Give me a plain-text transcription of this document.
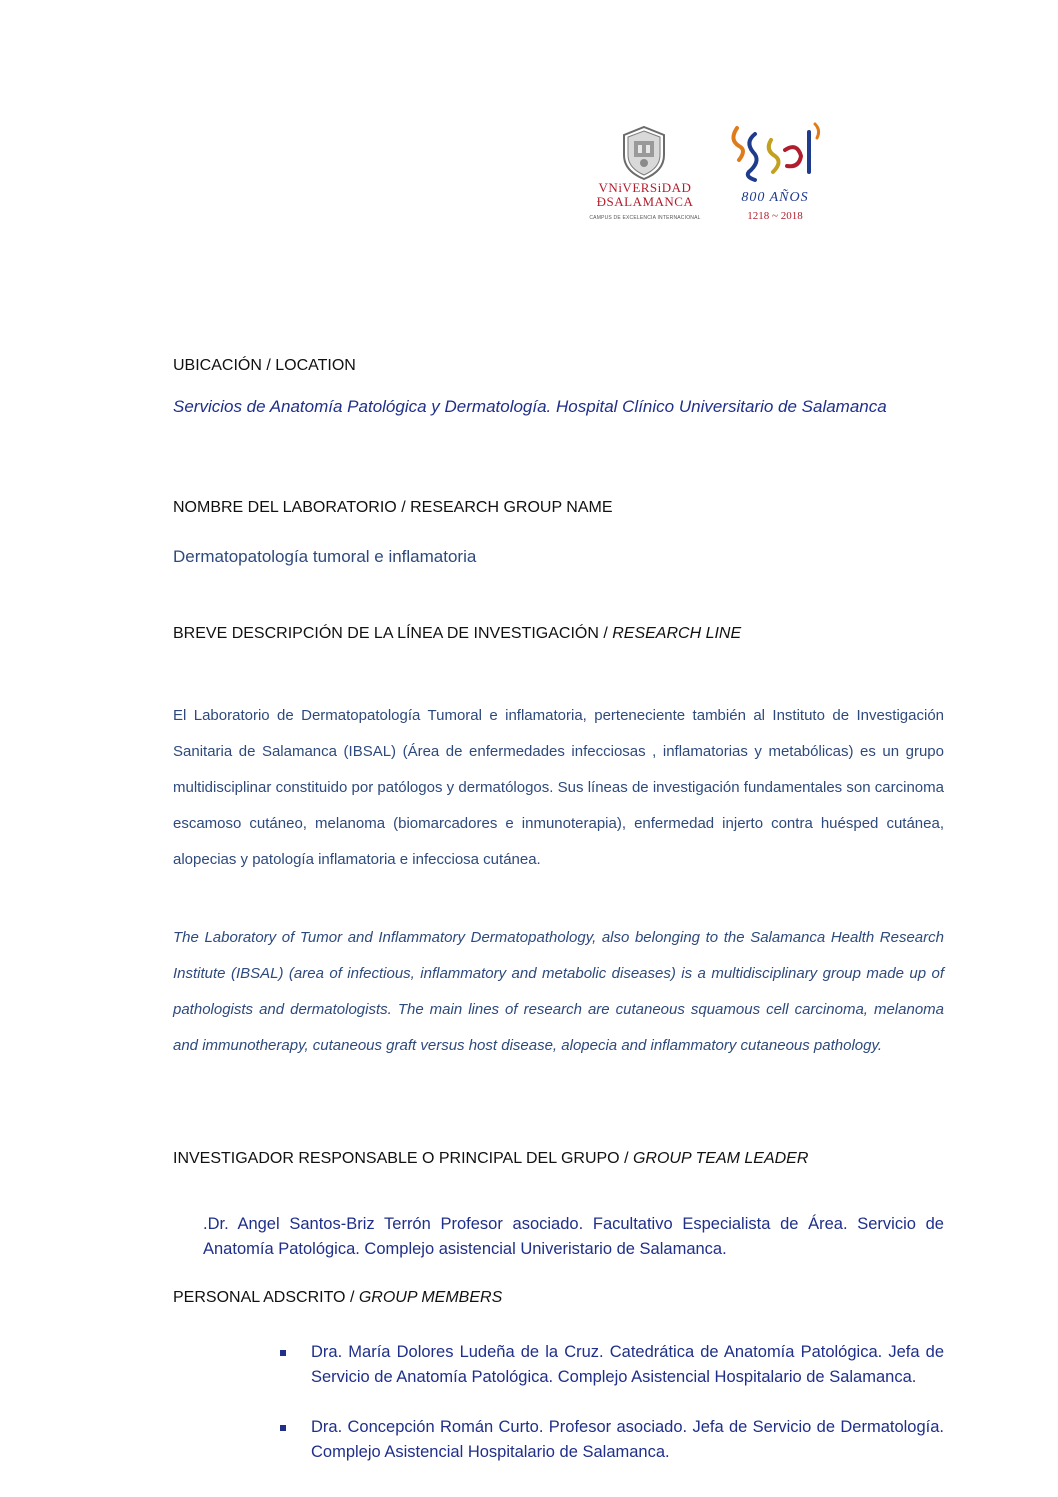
VNiVERSiDAD
ÐSALAMANCA
CAMPUS DE EXCELENCIA INTERNACIONAL
800 AÑOS
1218 ~ 2018
UBICACIÓN / LOCATION
Servicios de Anatomía Patológica y Dermatología. Hospital Clínico Universitario de Salamanca
NOMBRE DEL LABORATORIO / RESEARCH GROUP NAME
Dermatopatología tumoral e inflamatoria
BREVE DESCRIPCIÓN DE LA LÍNEA DE INVESTIGACIÓN / RESEARCH LINE
El Laboratorio de Dermatopatología Tumoral e inflamatoria, perteneciente también al Instituto de Investigación Sanitaria de Salamanca (IBSAL) (Área de enfermedades infecciosas , inflamatorias y metabólicas) es un grupo multidisciplinar constituido por patólogos y dermatólogos. Sus líneas de investigación fundamentales son carcinoma escamoso cutáneo, melanoma (biomarcadores e inmunoterapia), enfermedad injerto contra huésped cutánea, alopecias y patología inflamatoria e infecciosa cutánea.
The Laboratory of Tumor and Inflammatory Dermatopathology, also belonging to the Salamanca Health Research Institute (IBSAL) (area of infectious, inflammatory and metabolic diseases) is a multidisciplinary group made up of pathologists and dermatologists. The main lines of research are cutaneous squamous cell carcinoma, melanoma and immunotherapy, cutaneous graft versus host disease, alopecia and inflammatory cutaneous pathology.
INVESTIGADOR RESPONSABLE O PRINCIPAL DEL GRUPO / GROUP TEAM LEADER
.Dr. Angel Santos-Briz Terrón Profesor asociado. Facultativo Especialista de Área. Servicio de Anatomía Patológica. Complejo asistencial Univeristario de Salamanca.
PERSONAL ADSCRITO / GROUP MEMBERS
Dra. María Dolores Ludeña de la Cruz. Catedrática de Anatomía Patológica. Jefa de Servicio de Anatomía Patológica. Complejo Asistencial Hospitalario de Salamanca.
Dra. Concepción Román Curto. Profesor asociado. Jefa de Servicio de Dermatología. Complejo Asistencial Hospitalario de Salamanca.
